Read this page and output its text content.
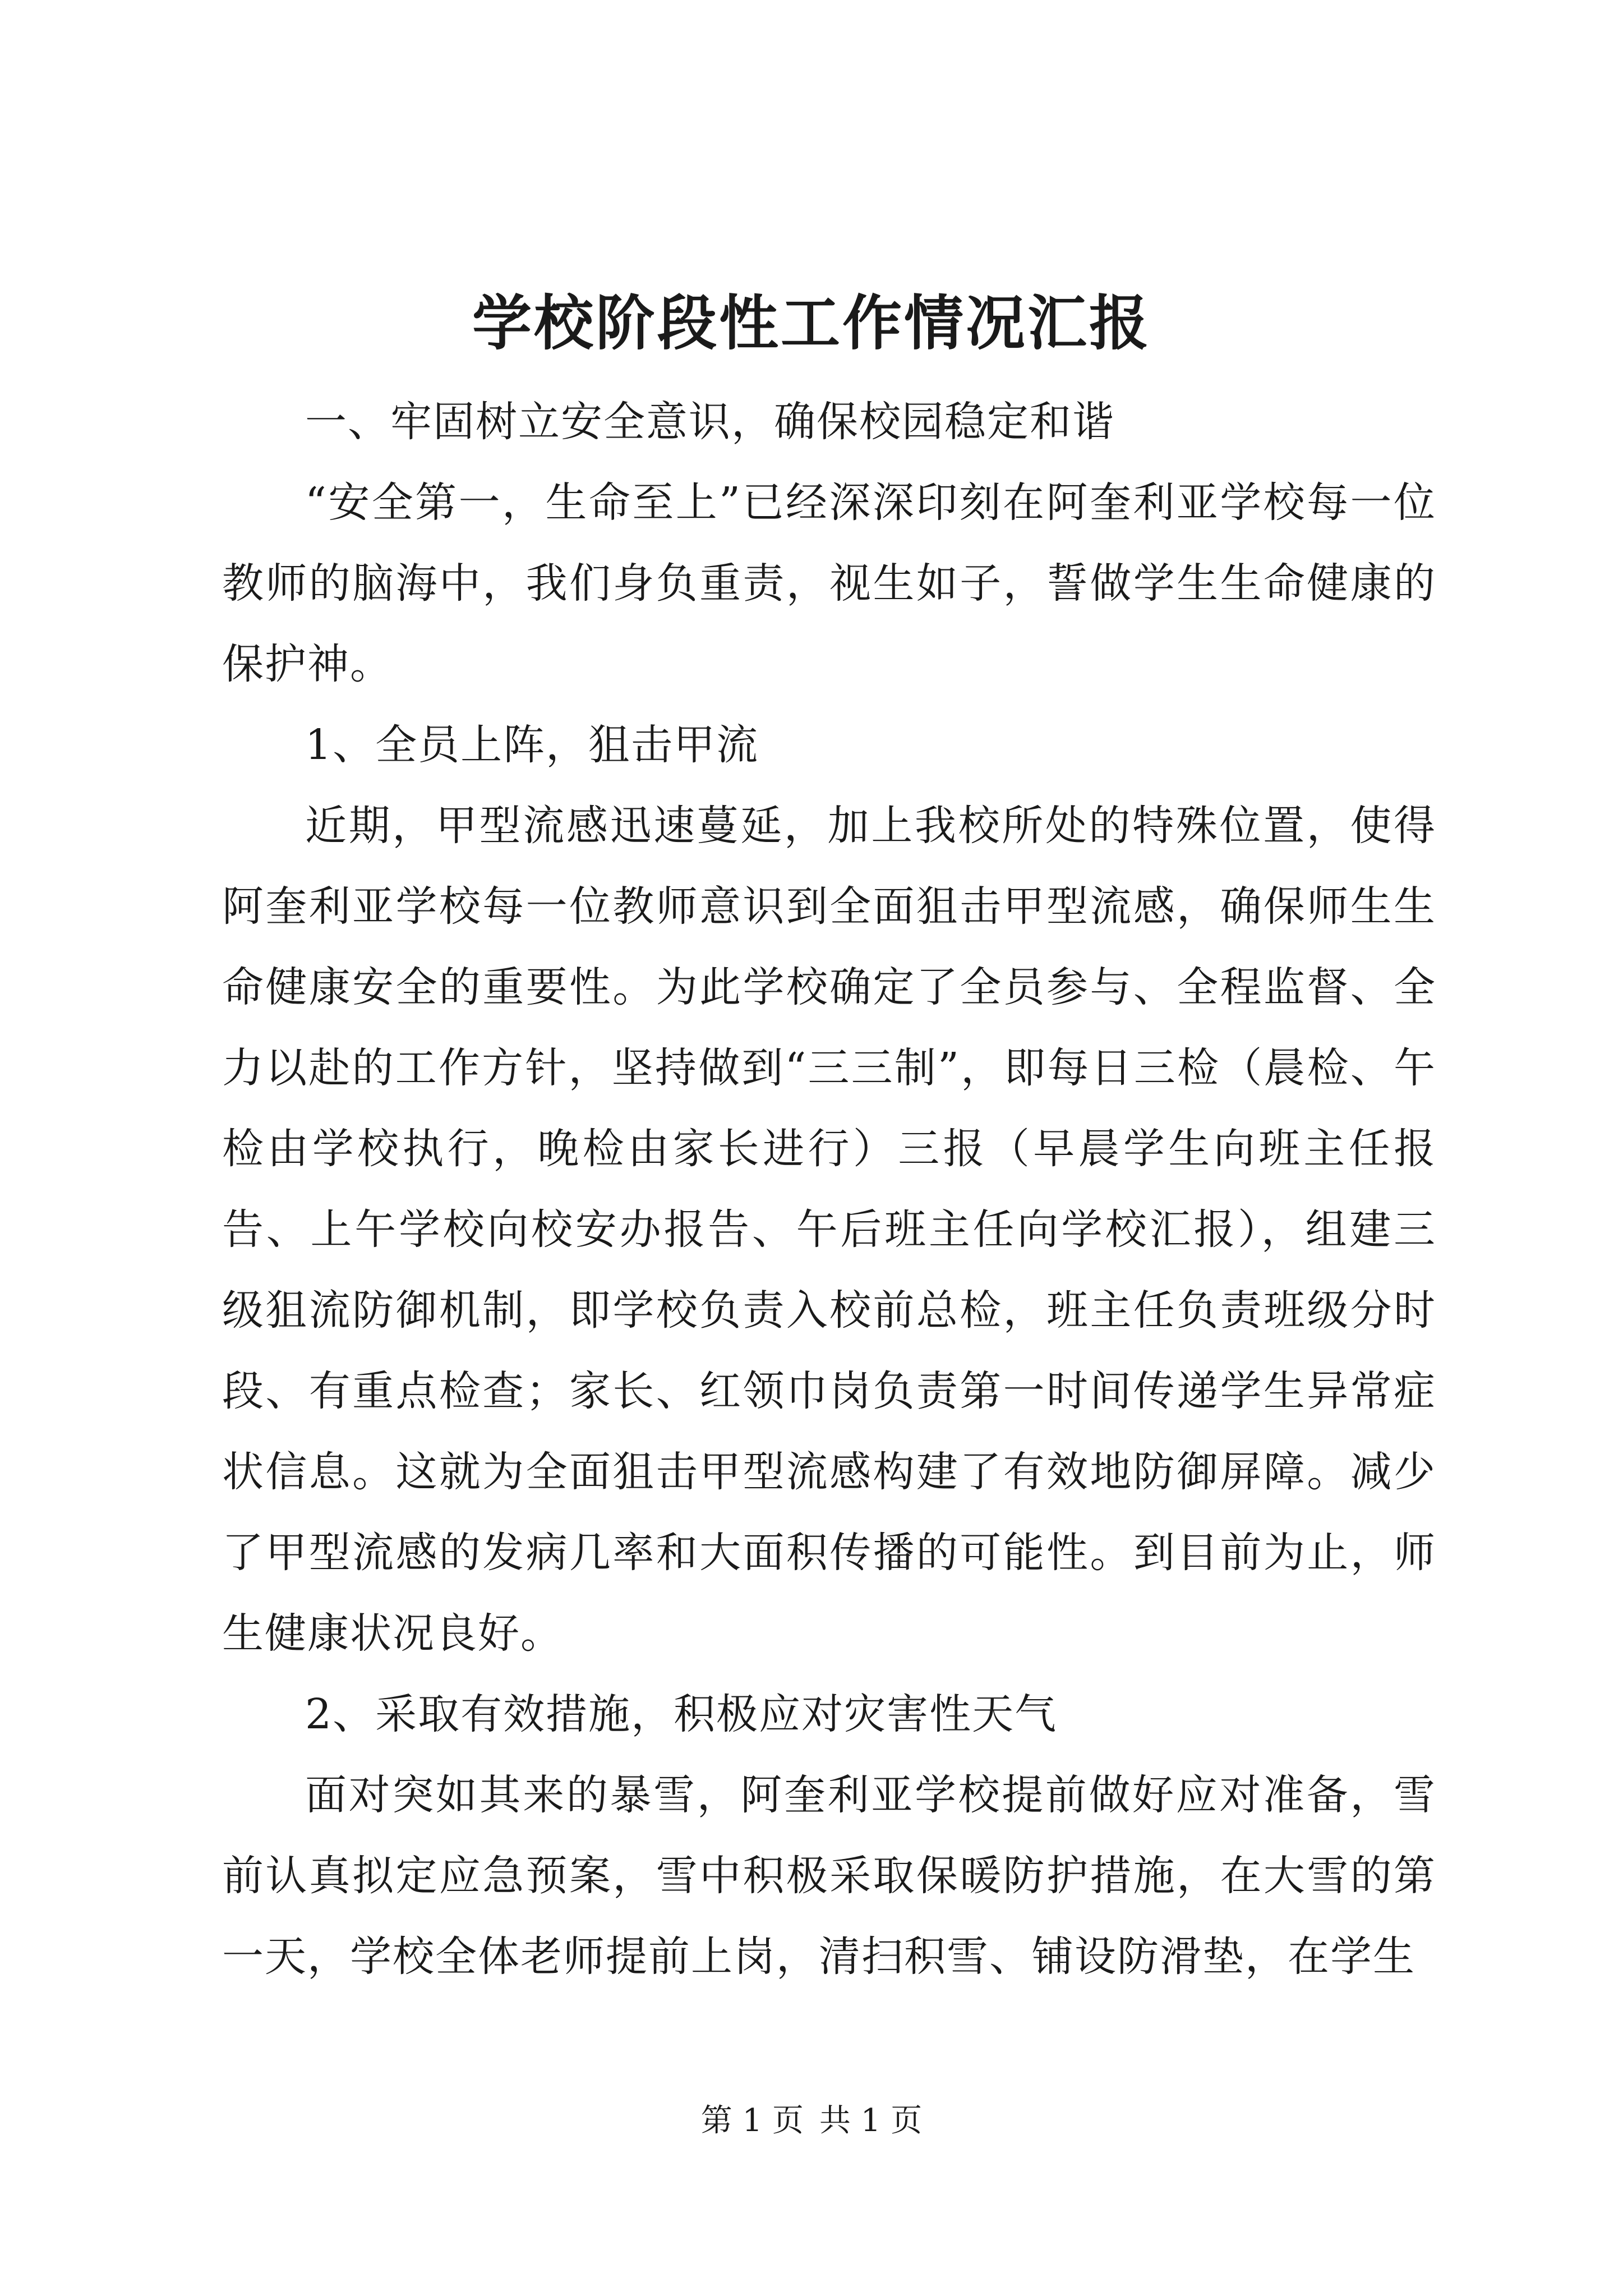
学校阶段性工作情况汇报

一、牢固树立安全意识，确保校园稳定和谐

“安全第一，生命至上”已经深深印刻在阿奎利亚学校每一位教师的脑海中，我们身负重责，视生如子，誓做学生生命健康的保护神。

1、全员上阵，狙击甲流

近期，甲型流感迅速蔓延，加上我校所处的特殊位置，使得阿奎利亚学校每一位教师意识到全面狙击甲型流感，确保师生生命健康安全的重要性。为此学校确定了全员参与、全程监督、全力以赴的工作方针，坚持做到“三三制”，即每日三检（晨检、午检由学校执行，晚检由家长进行）三报（早晨学生向班主任报告、上午学校向校安办报告、午后班主任向学校汇报），组建三级狙流防御机制，即学校负责入校前总检，班主任负责班级分时段、有重点检查；家长、红领巾岗负责第一时间传递学生异常症状信息。这就为全面狙击甲型流感构建了有效地防御屏障。减少了甲型流感的发病几率和大面积传播的可能性。到目前为止，师生健康状况良好。

2、采取有效措施，积极应对灾害性天气

面对突如其来的暴雪，阿奎利亚学校提前做好应对准备，雪前认真拟定应急预案，雪中积极采取保暖防护措施，在大雪的第一天，学校全体老师提前上岗，清扫积雪、铺设防滑垫，在学生

第 1 页 共 1 页
